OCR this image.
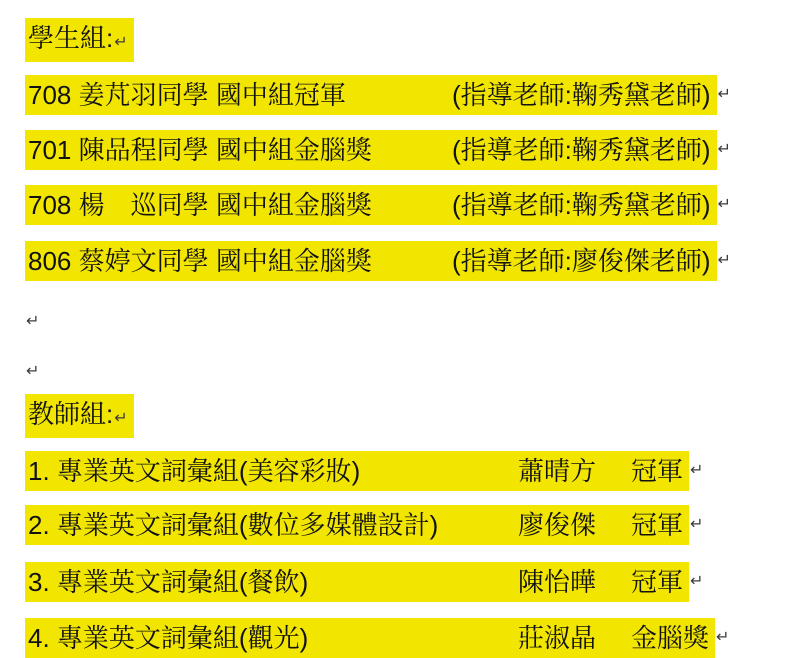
學生組:↵
708 姜芃羽同學 國中組冠軍	(指導老師:鞠秀黛老師) ↵
701 陳品程同學 國中組金腦獎	(指導老師:鞠秀黛老師) ↵
708 楊　巡同學 國中組金腦獎	(指導老師:鞠秀黛老師) ↵
806 蔡婷文同學 國中組金腦獎	(指導老師:廖俊傑老師) ↵
↵
↵
教師組:↵
1. 專業英文詞彙組(美容彩妝)	蕭晴方 冠軍 ↵
2. 專業英文詞彙組(數位多媒體設計)	廖俊傑 冠軍 ↵
3. 專業英文詞彙組(餐飲)	陳怡曄 冠軍 ↵
4. 專業英文詞彙組(觀光)	莊淑晶 金腦獎 ↵
